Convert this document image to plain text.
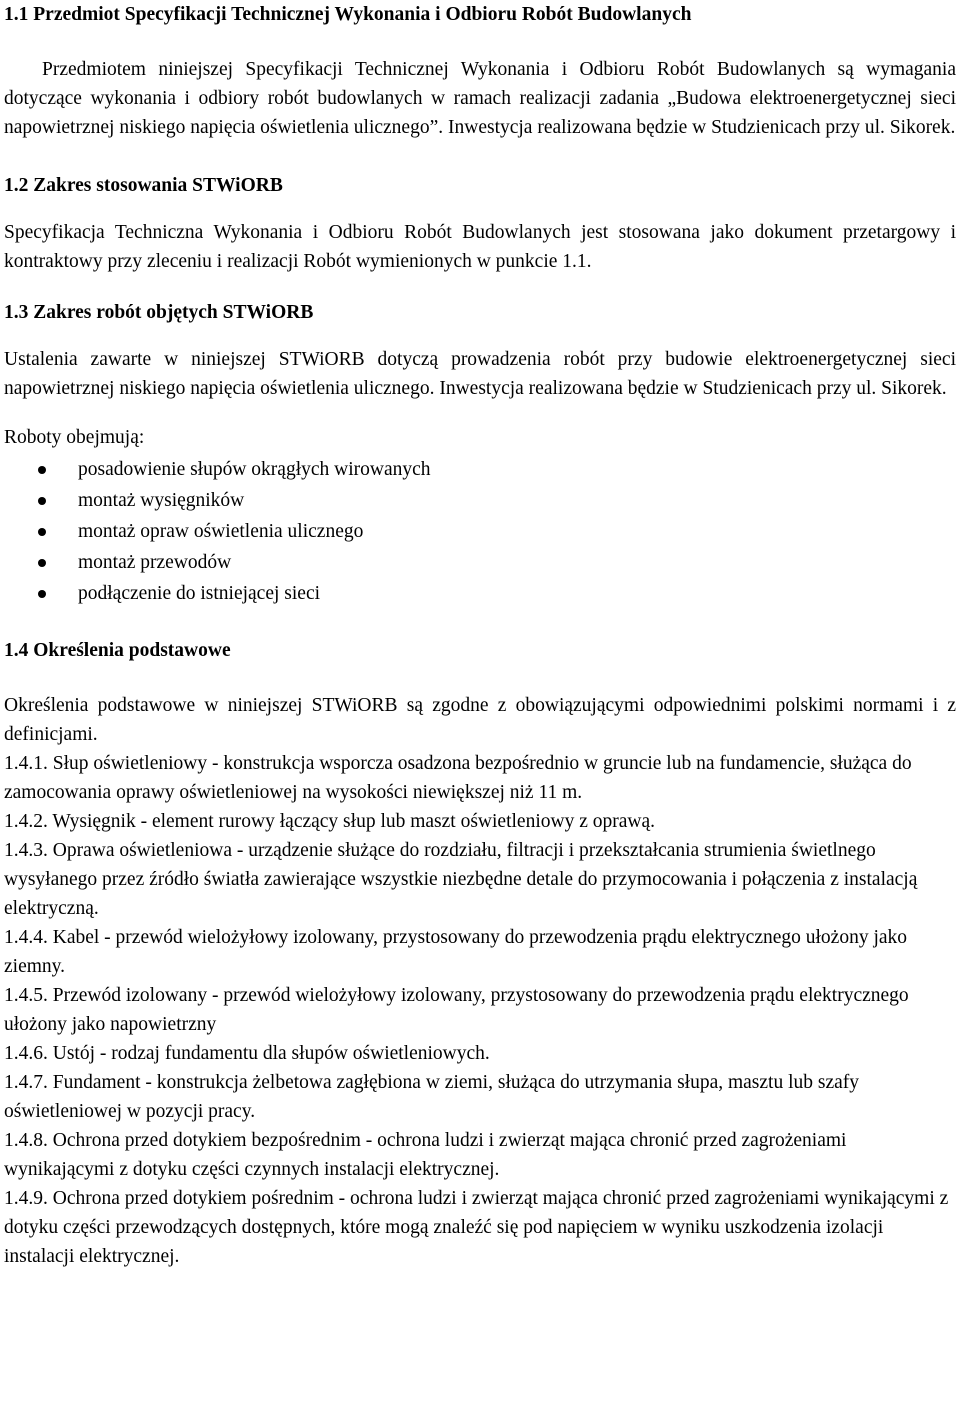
1.1 Przedmiot Specyfikacji Technicznej Wykonania i Odbioru Robót Budowlanych

Przedmiotem niniejszej Specyfikacji Technicznej Wykonania i Odbioru Robót Budowlanych są wymagania dotyczące wykonania i odbiory robót budowlanych w ramach realizacji zadania „Budowa elektroenergetycznej sieci napowietrznej niskiego napięcia oświetlenia ulicznego”. Inwestycja realizowana będzie w Studzienicach przy ul. Sikorek.

1.2 Zakres stosowania STWiORB

Specyfikacja Techniczna Wykonania i Odbioru Robót Budowlanych jest stosowana jako dokument przetargowy i kontraktowy przy zleceniu i realizacji Robót wymienionych w punkcie 1.1.

1.3 Zakres robót objętych STWiORB

Ustalenia zawarte w niniejszej STWiORB dotyczą prowadzenia robót przy budowie elektroenergetycznej sieci napowietrznej niskiego napięcia oświetlenia ulicznego. Inwestycja realizowana będzie w Studzienicach przy ul. Sikorek.

Roboty obejmują:

posadowienie słupów okrągłych wirowanych
montaż wysięgników
montaż opraw oświetlenia ulicznego
montaż przewodów
podłączenie do istniejącej sieci
1.4 Określenia podstawowe

Określenia podstawowe w niniejszej STWiORB są zgodne z obowiązującymi odpowiednimi polskimi normami i z definicjami.

1.4.1. Słup oświetleniowy - konstrukcja wsporcza osadzona bezpośrednio w gruncie lub na fundamencie, służąca do zamocowania oprawy oświetleniowej na wysokości niewiększej niż 11 m.

1.4.2. Wysięgnik - element rurowy łączący słup lub maszt oświetleniowy z oprawą.

1.4.3. Oprawa oświetleniowa - urządzenie służące do rozdziału, filtracji i przekształcania strumienia świetlnego wysyłanego przez źródło światła zawierające wszystkie niezbędne detale do przymocowania i połączenia z instalacją elektryczną.

1.4.4. Kabel - przewód wielożyłowy izolowany, przystosowany do przewodzenia prądu elektrycznego ułożony jako ziemny.

1.4.5. Przewód izolowany - przewód wielożyłowy izolowany, przystosowany do przewodzenia prądu elektrycznego ułożony jako napowietrzny

1.4.6. Ustój - rodzaj fundamentu dla słupów oświetleniowych.

1.4.7. Fundament - konstrukcja żelbetowa zagłębiona w ziemi, służąca do utrzymania słupa, masztu lub szafy oświetleniowej w pozycji pracy.

1.4.8. Ochrona przed dotykiem bezpośrednim - ochrona ludzi i zwierząt mająca chronić przed zagrożeniami wynikającymi z dotyku części czynnych instalacji elektrycznej.

1.4.9. Ochrona przed dotykiem pośrednim - ochrona ludzi i zwierząt mająca chronić przed zagrożeniami wynikającymi z dotyku części przewodzących dostępnych, które mogą znaleźć się pod napięciem w wyniku uszkodzenia izolacji instalacji elektrycznej.
